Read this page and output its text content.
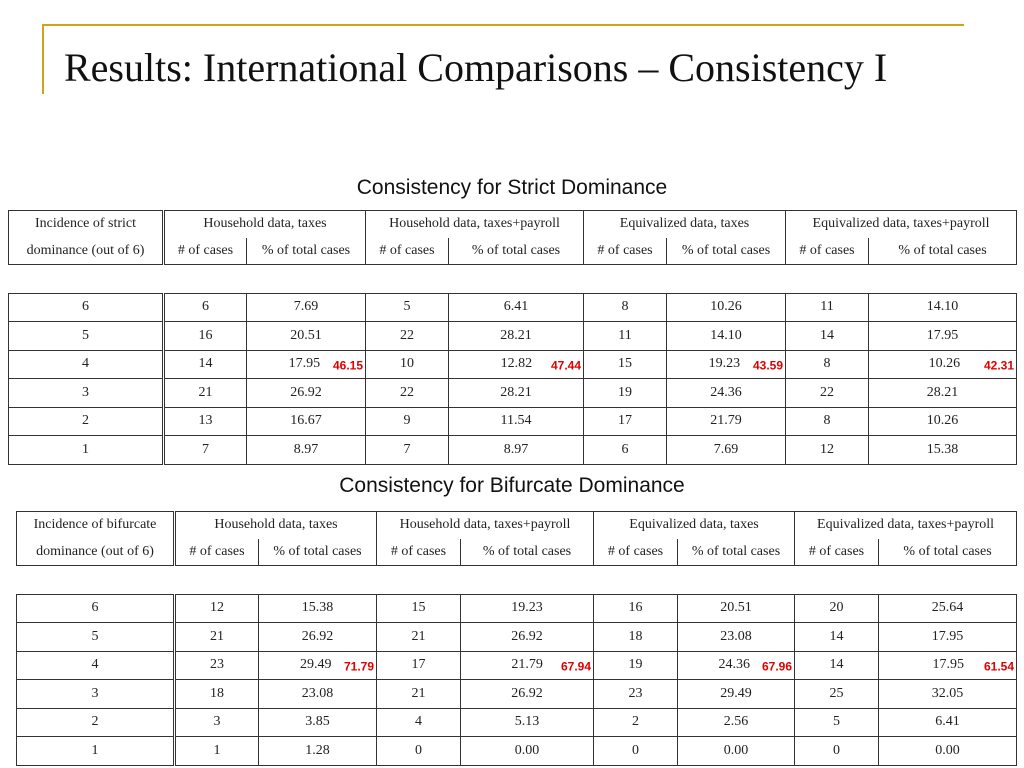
Results: International Comparisons – Consistency I
Consistency for Strict Dominance
Incidence of strict	Household data, taxes		Household data, taxes+payroll		Equivalized data, taxes		Equivalized data, taxes+payroll	
dominance (out of 6)	# of cases	% of total cases	# of cases	% of total cases	# of cases	% of total cases	# of cases	% of total cases

6	6	7.69	5	6.41	8	10.26	11	14.10
5	16	20.51	22	28.21	11	14.10	14	17.95
4	14	17.95 46.15	10	12.82 47.44	15	19.23 43.59	8	10.26 42.31

3	21	26.92	22	28.21	19	24.36	22	28.21
2	13	16.67	9	11.54	17	21.79	8	10.26
1	7	8.97	7	8.97	6	7.69	12	15.38
Consistency for Bifurcate Dominance
Incidence of bifurcate	Household data, taxes		Household data, taxes+payroll		Equivalized data, taxes		Equivalized data, taxes+payroll	
dominance (out of 6)	# of cases	% of total cases	# of cases	% of total cases	# of cases	% of total cases	# of cases	% of total cases

6	12	15.38	15	19.23	16	20.51	20	25.64
5	21	26.92	21	26.92	18	23.08	14	17.95
4	23	29.49 71.79	17	21.79 67.94	19	24.36 67.96	14	17.95 61.54

3	18	23.08	21	26.92	23	29.49	25	32.05
2	3	3.85	4	5.13	2	2.56	5	6.41
1	1	1.28	0	0.00	0	0.00	0	0.00
